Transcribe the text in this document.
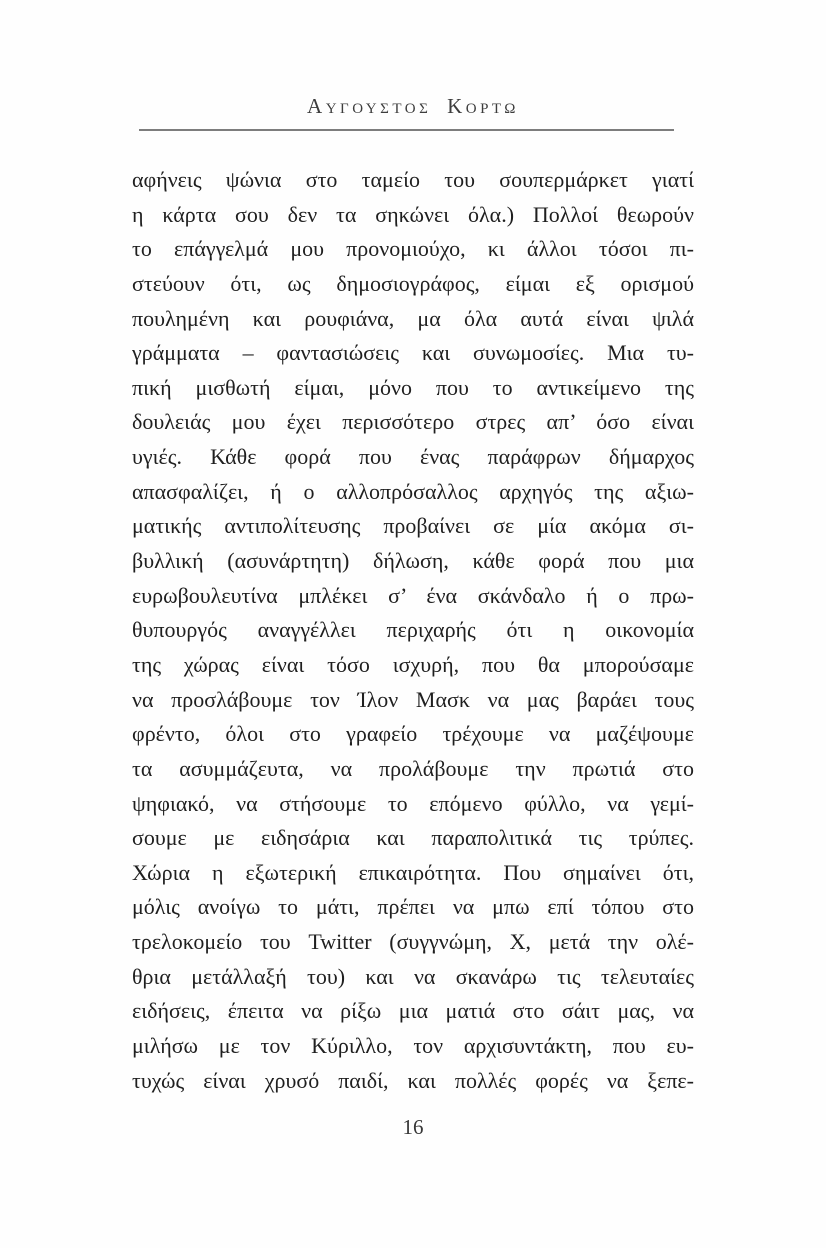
Αυγουστος Κορτω
αφήνεις ψώνια στο ταμείο του σουπερμάρκετ γιατί
η κάρτα σου δεν τα σηκώνει όλα.) Πολλοί θεωρούν
το επάγγελμά μου προνομιούχο, κι άλλοι τόσοι πι-
στεύουν ότι, ως δημοσιογράφος, είμαι εξ ορισμού
πουλημένη και ρουφιάνα, μα όλα αυτά είναι ψιλά
γράμματα – φαντασιώσεις και συνωμοσίες. Μια τυ-
πική μισθωτή είμαι, μόνο που το αντικείμενο της
δουλειάς μου έχει περισσότερο στρες απ’ όσο είναι
υγιές. Κάθε φορά που ένας παράφρων δήμαρχος
απασφαλίζει, ή ο αλλοπρόσαλλος αρχηγός της αξιω-
ματικής αντιπολίτευσης προβαίνει σε μία ακόμα σι-
βυλλική (ασυνάρτητη) δήλωση, κάθε φορά που μια
ευρωβουλευτίνα μπλέκει σ’ ένα σκάνδαλο ή ο πρω-
θυπουργός αναγγέλλει περιχαρής ότι η οικονομία
της χώρας είναι τόσο ισχυρή, που θα μπορούσαμε
να προσλάβουμε τον Ίλον Μασκ να μας βαράει τους
φρέντο, όλοι στο γραφείο τρέχουμε να μαζέψουμε
τα ασυμμάζευτα, να προλάβουμε την πρωτιά στο
ψηφιακό, να στήσουμε το επόμενο φύλλο, να γεμί-
σουμε με ειδησάρια και παραπολιτικά τις τρύπες.
Χώρια η εξωτερική επικαιρότητα. Που σημαίνει ότι,
μόλις ανοίγω το μάτι, πρέπει να μπω επί τόπου στο
τρελοκομείο του Twitter (συγγνώμη, Χ, μετά την ολέ-
θρια μετάλλαξή του) και να σκανάρω τις τελευταίες
ειδήσεις, έπειτα να ρίξω μια ματιά στο σάιτ μας, να
μιλήσω με τον Κύριλλο, τον αρχισυντάκτη, που ευ-
τυχώς είναι χρυσό παιδί, και πολλές φορές να ξεπε-
16
